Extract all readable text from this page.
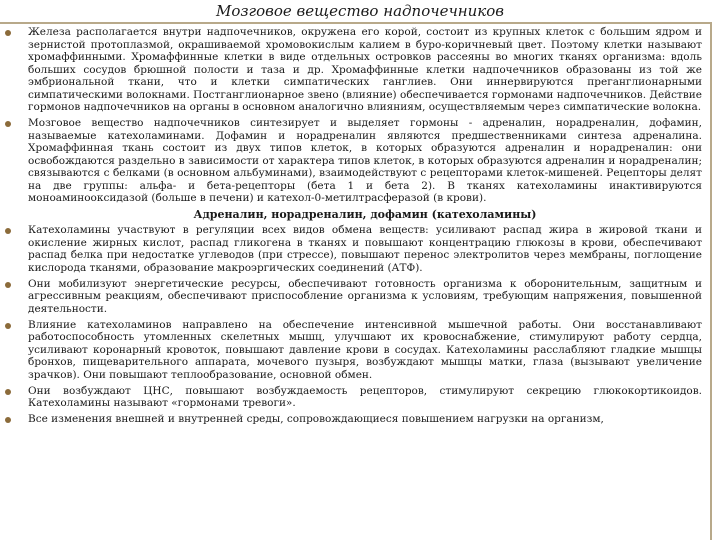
Мозговое вещество надпочечников
Железа располагается внутри надпочечников, окружена его корой, состоит из крупных клеток с большим ядром и зернистой протоплазмой, окрашиваемой хромовокислым калием в буро-коричневый цвет. Поэтому клетки называют хромаффинными. Хромаффинные клетки в виде отдельных островков рассеяны во многих тканях организма: вдоль больших сосудов брюшной полости и таза и др. Хромаффинные клетки надпочечников образованы из той же эмбриональной ткани, что и клетки симпатических ганглиев. Они иннервируются преганглионарными симпатическими волокнами. Постганглионарное звено (влияние) обеспечивается гормонами надпочечников. Действие гормонов надпочечников на органы в основном аналогично влияниям, осуществляемым через симпатические волокна.
Мозговое вещество надпочечников синтезирует и выделяет гормоны - адреналин, норадреналин, дофамин, называемые катехоламинами. Дофамин и норадреналин являются предшественниками синтеза адреналина. Хромаффинная ткань состоит из двух типов клеток, в которых образуются адреналин и норадреналин: они освобождаются раздельно в зависимости от характера типов клеток, в которых образуются адреналин и норадреналин; связываются с белками (в основном альбуминами), взаимодействуют с рецепторами клеток-мишеней. Рецепторы делят на две группы: альфа- и бета-рецепторы (бета 1 и бета 2). В тканях катехоламины инактивируются моноаминооксидазой (больше в печени) и катехол-0-метилтрасферазой (в крови).
Адреналин, норадреналин, дофамин (катехоламины)
Катехоламины участвуют в регуляции всех видов обмена веществ: усиливают распад жира в жировой ткани и окисление жирных кислот, распад гликогена в тканях и повышают концентрацию глюкозы в крови, обеспечивают распад белка при недостатке углеводов (при стрессе), повышают перенос электролитов через мембраны, поглощение кислорода тканями, образование макроэргических соединений (АТФ).
Они мобилизуют энергетические ресурсы, обеспечивают готовность организма к оборонительным, защитным и агрессивным реакциям, обеспечивают приспособление организма к условиям, требующим напряжения, повышенной деятельности.
Влияние катехоламинов направлено на обеспечение интенсивной мышечной работы. Они восстанавливают работоспособность утомленных скелетных мышц, улучшают их кровоснабжение, стимулируют работу сердца, усиливают коронарный кровоток, повышают давление крови в сосудах. Катехоламины расслабляют гладкие мышцы бронхов, пищеварительного аппарата, мочевого пузыря, возбуждают мышцы матки, глаза (вызывают увеличение зрачков). Они повышают теплообразование, основной обмен.
Они возбуждают ЦНС, повышают возбуждаемость рецепторов, стимулируют секрецию глюкокортикоидов. Катехоламины называют «гормонами тревоги».
Все изменения внешней и внутренней среды, сопровождающиеся повышением нагрузки на организм,
